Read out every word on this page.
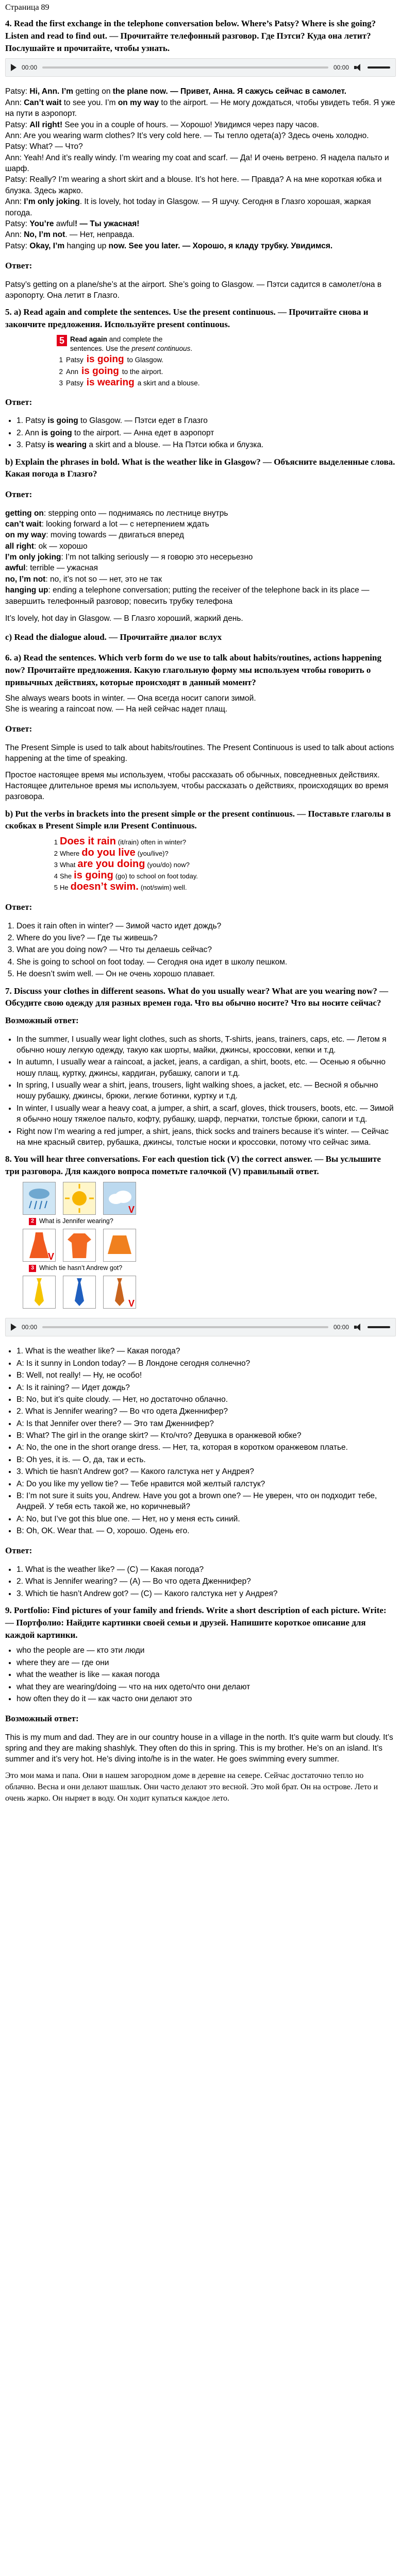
Страница 89
4. Read the first exchange in the telephone conversation below. Where’s Patsy? Where is she going? Listen and read to find out. — Прочитайте телефонный разговор. Где Пэтси? Куда она летит? Послушайте и прочитайте, чтобы узнать.
00:00	00:00

Patsy: Hi, Ann. I’m getting on the plane now. — Привет, Анна. Я сажусь сейчас в самолет.

Ann: Can’t wait to see you. I’m on my way to the airport. — Не могу дождаться, чтобы увидеть тебя. Я уже на пути в аэропорт.

Patsy: All right! See you in a couple of hours. — Хорошо! Увидимся через пару часов.

Ann: Are you wearing warm clothes? It’s very cold here. — Ты тепло одета(а)? Здесь очень холодно.

Patsy: What? — Что?

Ann: Yeah! And it’s really windy. I’m wearing my coat and scarf. — Да! И очень ветрено. Я надела пальто и шарф.

Patsy: Really? I’m wearing a short skirt and a blouse. It’s hot here. — Правда? А на мне короткая юбка и блузка. Здесь жарко.

Ann: I’m only joking. It is lovely, hot today in Glasgow. — Я шучу. Сегодня в Глазго хорошая, жаркая погода.

Patsy: You’re awful! — Ты ужасная!

Ann: No, I’m not. — Нет, неправда.

Patsy: Okay, I’m hanging up now. See you later. — Хорошо, я кладу трубку. Увидимся.

Ответ:

Patsy’s getting on a plane/she’s at the airport. She’s going to Glasgow. — Пэтси садится в самолет/она в аэропорту. Она летит в Глазго.

5. a) Read again and complete the sentences. Use the present continuous. — Прочитайте снова и закончите предложения. Используйте present continuous.
5 Read again and complete the
sentences. Use the present continuous.
1 Patsy is going to Glasgow.
2 Ann is going to the airport.
3 Patsy is wearing a skirt and a blouse.
Ответ:
• 1. Patsy is going to Glasgow. — Пэтси едет в Глазго
• 2. Ann is going to the airport. — Анна едет в аэропорт
• 3. Patsy is wearing a skirt and a blouse. — На Пэтси юбка и блузка.
b) Explain the phrases in bold. What is the weather like in Glasgow? — Объясните выделенные слова. Какая погода в Глазго?
Ответ:

getting on: stepping onto — поднимаясь по лестнице внутрь

can’t wait: looking forward a lot — с нетерпением ждать

on my way: moving towards — двигаться вперед

all right: ok — хорошо

I’m only joking: I’m not talking seriously — я говорю это несерьезно

awful: terrible — ужасная

no, I’m not: no, it’s not so — нет, это не так

hanging up: ending a telephone conversation; putting the receiver of the telephone back in its place — завершить телефонный разговор; повесить трубку телефона

It’s lovely, hot day in Glasgow. — В Глазго хороший, жаркий день.

c) Read the dialogue aloud. — Прочитайте диалог вслух
6. a) Read the sentences. Which verb form do we use to talk about habits/routines, actions happening now? Прочитайте предложения. Какую глагольную форму мы используем чтобы говорить о привычных действиях, которые происходят в данный момент?

She always wears boots in winter. — Она всегда носит сапоги зимой.

She is wearing a raincoat now. — На ней сейчас надет плащ.

Ответ:

The Present Simple is used to talk about habits/routines. The Present Continuous is used to talk about actions happening at the time of speaking.

Простое настоящее время мы используем, чтобы рассказать об обычных, повседневных действиях. Настоящее длительное время мы используем, чтобы рассказать о действиях, происходящих во время разговора.

b) Put the verbs in brackets into the present simple or the present continuous. — Поставьте глаголы в скобках в Present Simple или Present Continuous.
1 Does it rain (it/rain) often in winter?
2 Where do you live (you/live)?
3 What are you doing (you/do) now?
4 She is going (go) to school on foot today.
5 He doesn’t swim. (not/swim) well.
Ответ:
1. Does it rain often in winter? — Зимой часто идет дождь?
2. Where do you live? — Где ты живешь?
3. What are you doing now? — Что ты делаешь сейчас?
4. She is going to school on foot today. — Сегодня она идет в школу пешком.
5. He doesn’t swim well. — Он не очень хорошо плавает.
7. Discuss your clothes in different seasons. What do you usually wear? What are you wearing now? — Обсудите свою одежду для разных времен года. Что вы обычно носите? Что вы носите сейчас?
Возможный ответ:
• In the summer, I usually wear light clothes, such as shorts, T-shirts, jeans, trainers, caps, etc. — Летом я обычно ношу легкую одежду, такую как шорты, майки, джинсы, кроссовки, кепки и т.д.
• In autumn, I usually wear a raincoat, a jacket, jeans, a cardigan, a shirt, boots, etc. — Осенью я обычно ношу плащ, куртку, джинсы, кардиган, рубашку, сапоги и т.д.
• In spring, I usually wear a shirt, jeans, trousers, light walking shoes, a jacket, etc. — Весной я обычно ношу рубашку, джинсы, брюки, легкие ботинки, куртку и т.д.
• In winter, I usually wear a heavy coat, a jumper, a shirt, a scarf, gloves, thick trousers, boots, etc. — Зимой я обычно ношу тяжелое пальто, кофту, рубашку, шарф, перчатки, толстые брюки, сапоги и т.д.
• Right now I’m wearing a red jumper, a shirt, jeans, thick socks and trainers because it’s winter. — Сейчас на мне красный свитер, рубашка, джинсы, толстые носки и кроссовки, потому что сейчас зима.
8. You will hear three conversations. For each question tick (V) the correct answer. — Вы услышите три разговора. Для каждого вопроса пометьте галочкой (V) правильный ответ.
V
2 What is Jennifer wearing?
V
3 Which tie hasn’t Andrew got?
V
00:00	00:00
• 1. What is the weather like? — Какая погода?
• A: Is it sunny in London today? — В Лондоне сегодня солнечно?
• B: Well, not really! — Ну, не особо!
• A: Is it raining? — Идет дождь?
• B: No, but it’s quite cloudy. — Нет, но достаточно облачно.
• 2. What is Jennifer wearing? — Во что одета Дженнифер?
• A: Is that Jennifer over there? — Это там Дженнифер?
• B: What? The girl in the orange skirt? — Кто/что? Девушка в оранжевой юбке?
• A: No, the one in the short orange dress. — Нет, та, которая в коротком оранжевом платье.
• B: Oh yes, it is. — О, да, так и есть.
• 3. Which tie hasn’t Andrew got? — Какого галстука нет у Андрея?
• A: Do you like my yellow tie? — Тебе нравится мой желтый галстук?
• B: I’m not sure it suits you, Andrew. Have you got a brown one? — Не уверен, что он подходит тебе, Андрей. У тебя есть такой же, но коричневый?
• A: No, but I’ve got this blue one. — Нет, но у меня есть синий.
• B: Oh, OK. Wear that. — О, хорошо. Одень его.
Ответ:
• 1. What is the weather like? — (C) — Какая погода?
• 2. What is Jennifer wearing? — (A) — Во что одета Дженнифер?
• 3. Which tie hasn’t Andrew got? — (C) — Какого галстука нет у Андрея?
9. Portfolio: Find pictures of your family and friends. Write a short description of each picture. Write: — Портфолио: Найдите картинки своей семьи и друзей. Напишите короткое описание для каждой картинки.
• who the people are — кто эти люди
• where they are — где они
• what the weather is like — какая погода
• what they are wearing/doing — что на них одето/что они делают
• how often they do it — как часто они делают это
Возможный ответ:

This is my mum and dad. They are in our country house in a village in the north. It’s quite warm but cloudy. It’s spring and they are making shashlyk. They often do this in spring. This is my brother. He’s on an island. It’s summer and it’s very hot. He’s diving into/he is in the water. He goes swimming every summer.

Это мои мама и папа. Они в нашем загородном доме в деревне на севере. Сейчас достаточно тепло но облачно. Весна и они делают шашлык. Они часто делают это весной. Это мой брат. Он на острове. Лето и очень жарко. Он ныряет в воду. Он ходит купаться каждое лето.
